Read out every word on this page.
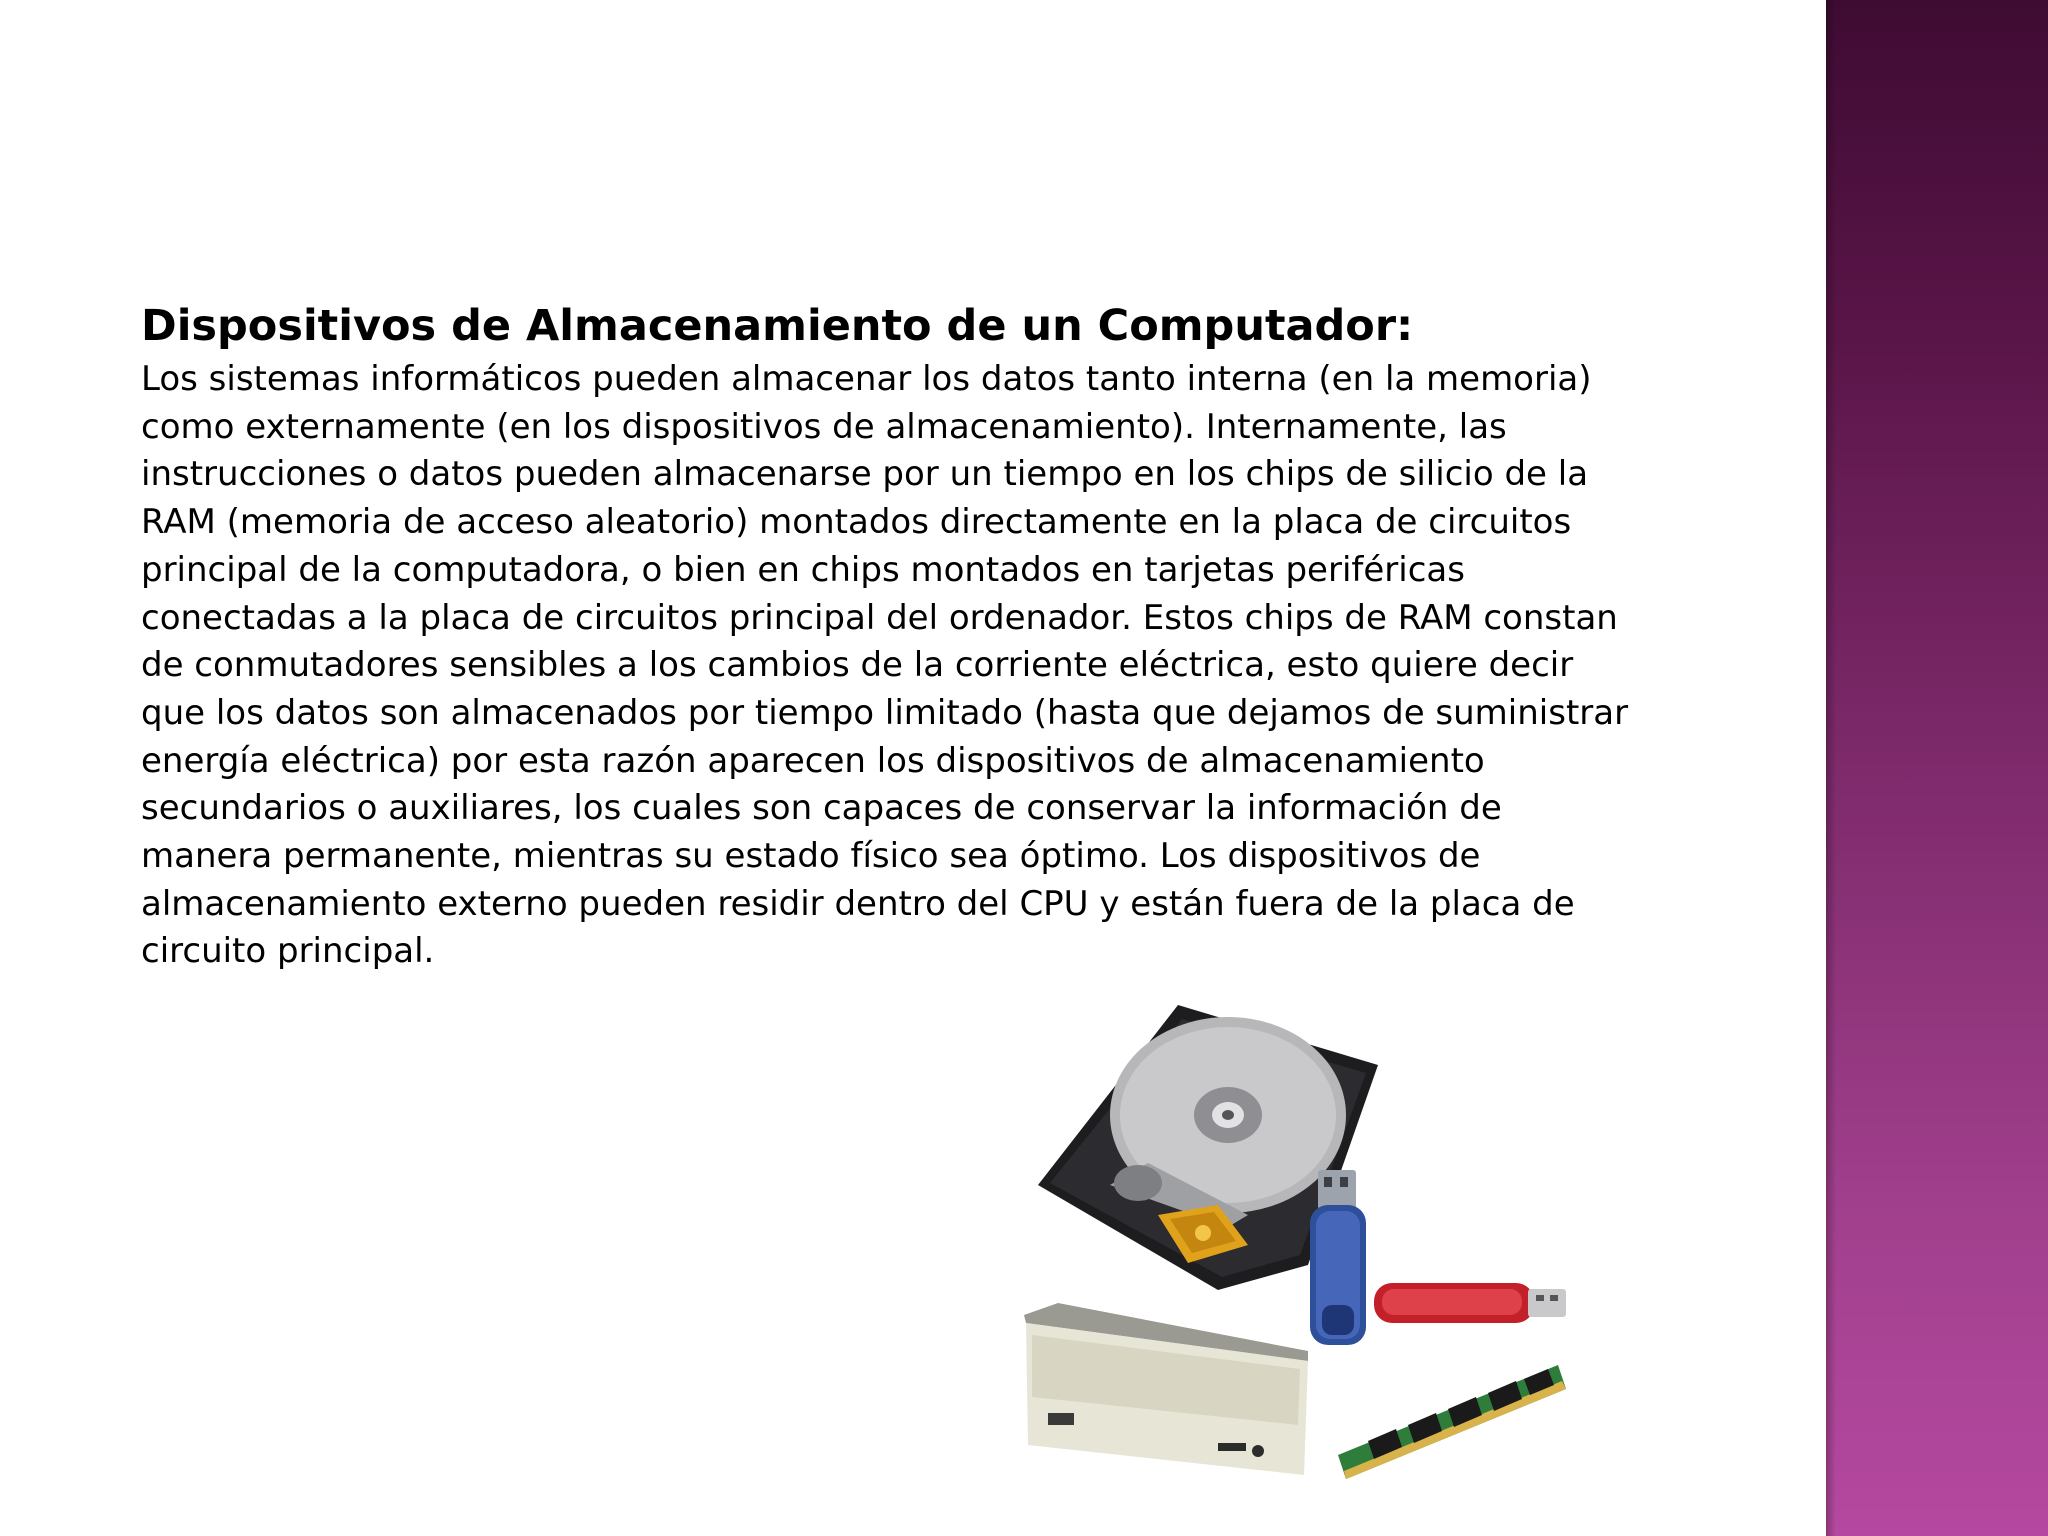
Dispositivos de Almacenamiento de un Computador:

Los sistemas informáticos pueden almacenar los datos tanto interna (en la memoria)
como externamente (en los dispositivos de almacenamiento). Internamente, las
instrucciones o datos pueden almacenarse por un tiempo en los chips de silicio de la
RAM (memoria de acceso aleatorio) montados directamente en la placa de circuitos
principal de la computadora, o bien en chips montados en tarjetas periféricas
conectadas a la placa de circuitos principal del ordenador. Estos chips de RAM constan
de conmutadores sensibles a los cambios de la corriente eléctrica, esto quiere decir
que los datos son almacenados por tiempo limitado (hasta que dejamos de suministrar
energía eléctrica) por esta razón aparecen los dispositivos de almacenamiento
secundarios o auxiliares, los cuales son capaces de conservar la información de
manera permanente, mientras su estado físico sea óptimo. Los dispositivos de
almacenamiento externo pueden residir dentro del CPU y están fuera de la placa de
circuito principal.
